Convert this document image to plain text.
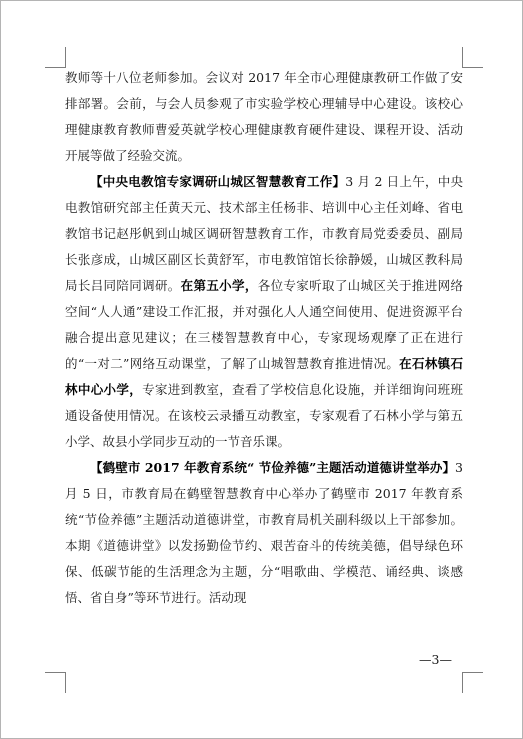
教师等十八位老师参加。会议对 2017 年全市心理健康教研工作做了安排部署。会前，与会人员参观了市实验学校心理辅导中心建设。该校心理健康教育教师曹爱英就学校心理健康教育硬件建设、课程开设、活动开展等做了经验交流。

【中央电教馆专家调研山城区智慧教育工作】3 月 2 日上午，中央电教馆研究部主任黄天元、技术部主任杨非、培训中心主任刘峰、省电教馆书记赵彤帆到山城区调研智慧教育工作，市教育局党委委员、副局长张彦成，山城区副区长黄舒军，市电教馆馆长徐静媛，山城区教科局局长吕同陪同调研。在第五小学，各位专家听取了山城区关于推进网络空间“人人通”建设工作汇报，并对强化人人通空间使用、促进资源平台融合提出意见建议；在三楼智慧教育中心，专家现场观摩了正在进行的“一对二”网络互动课堂，了解了山城智慧教育推进情况。在石林镇石林中心小学，专家进到教室，查看了学校信息化设施，并详细询问班班通设备使用情况。在该校云录播互动教室，专家观看了石林小学与第五小学、故县小学同步互动的一节音乐课。

【鹤壁市 2017 年教育系统“ 节俭养德”主题活动道德讲堂举办】3 月 5 日，市教育局在鹤壁智慧教育中心举办了鹤壁市 2017 年教育系统“节俭养德”主题活动道德讲堂，市教育局机关副科级以上干部参加。本期《道德讲堂》以发扬勤俭节约、艰苦奋斗的传统美德，倡导绿色环保、低碳节能的生活理念为主题，分“唱歌曲、学模范、诵经典、谈感悟、省自身”等环节进行。活动现

—3—
